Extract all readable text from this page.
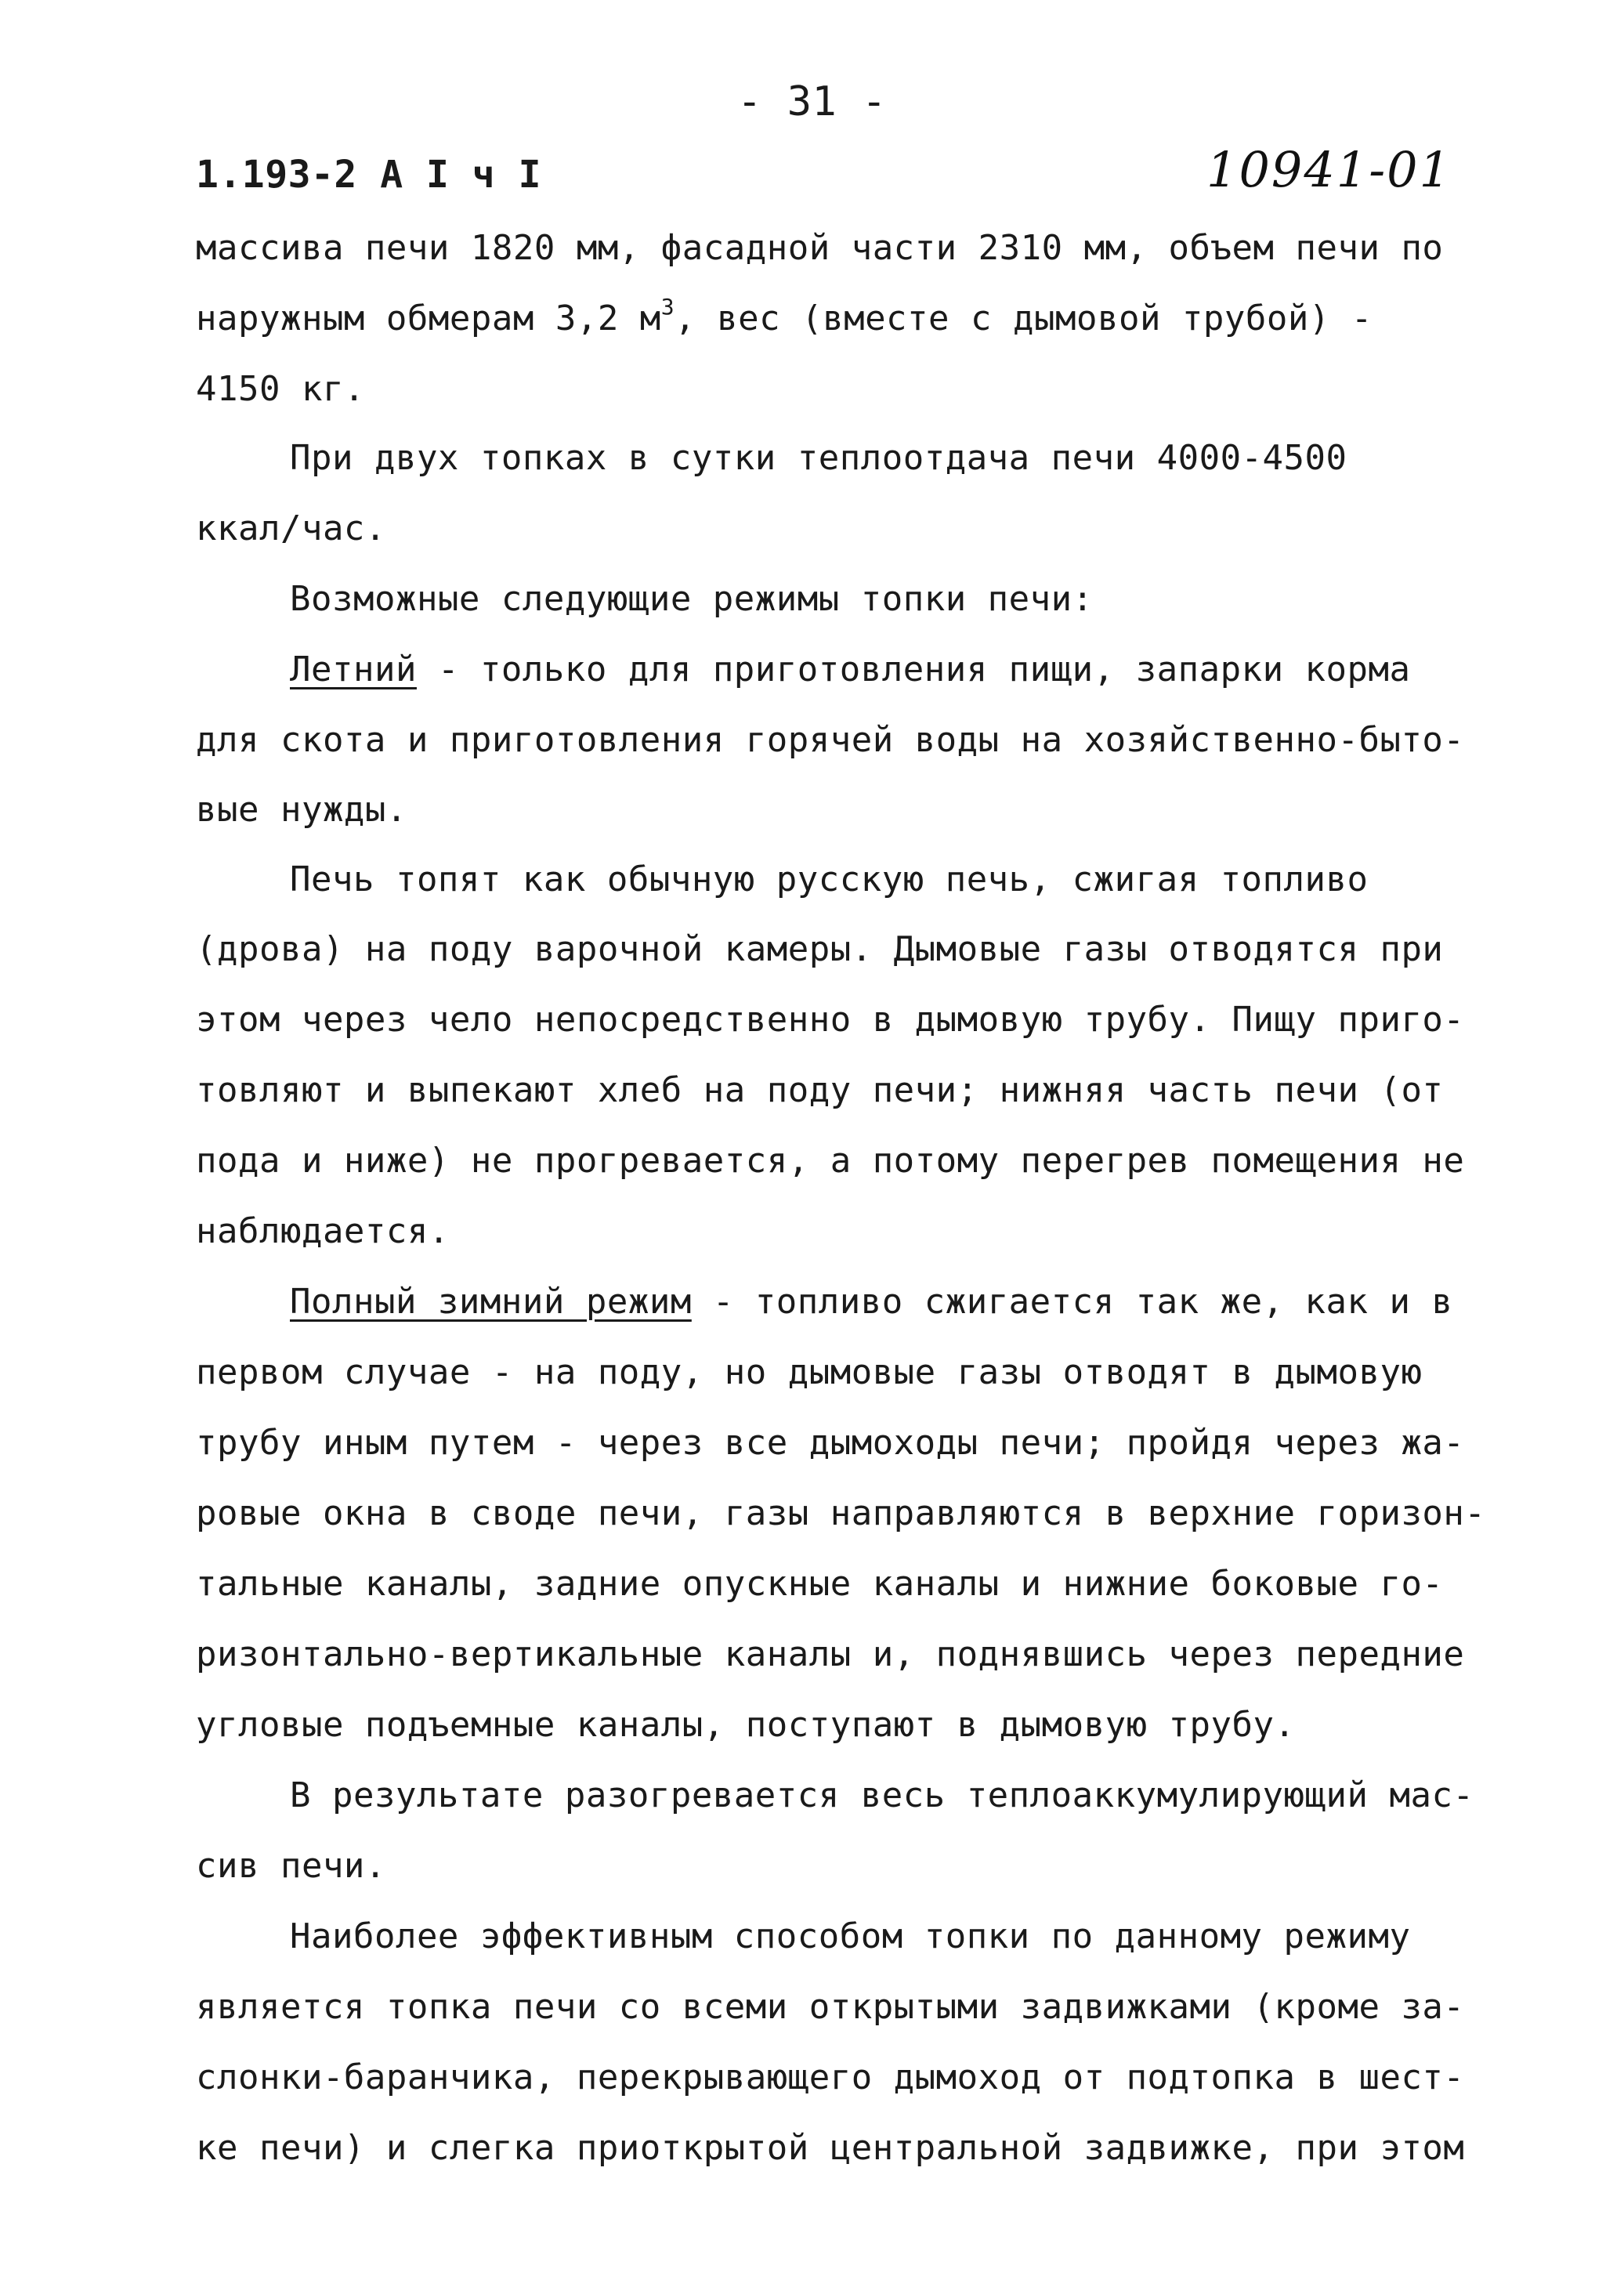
- 31 -
1.193-2 А I ч I	10941-01
массива печи 1820 мм, фасадной части 2310 мм, объем печи по
наружным обмерам 3,2 $м^3$, вес (вместе с дымовой трубой) -
4150 кг.
При двух топках в сутки теплоотдача печи 4000-4500
ккал/час.
Возможные следующие режимы топки печи:
Летний - только для приготовления пищи, запарки корма
для скота и приготовления горячей воды на хозяйственно-быто-
вые нужды.
Печь топят как обычную русскую печь, сжигая топливо
(дрова) на поду варочной камеры. Дымовые газы отводятся при
этом через чело непосредственно в дымовую трубу. Пищу приго-
товляют и выпекают хлеб на поду печи; нижняя часть печи (от
пода и ниже) не прогревается, а потому перегрев помещения не
наблюдается.
Полный зимний режим - топливо сжигается так же, как и в
первом случае - на поду, но дымовые газы отводят в дымовую
трубу иным путем - через все дымоходы печи; пройдя через жа-
ровые окна в своде печи, газы направляются в верхние горизон-
тальные каналы, задние опускные каналы и нижние боковые го-
ризонтально-вертикальные каналы и, поднявшись через передние
угловые подъемные каналы, поступают в дымовую трубу.
В результате разогревается весь теплоаккумулирующий мас-
сив печи.
Наиболее эффективным способом топки по данному режиму
является топка печи со всеми открытыми задвижками (кроме за-
слонки-баранчика, перекрывающего дымоход от подтопка в шест-
ке печи) и слегка приоткрытой центральной задвижке, при этом
